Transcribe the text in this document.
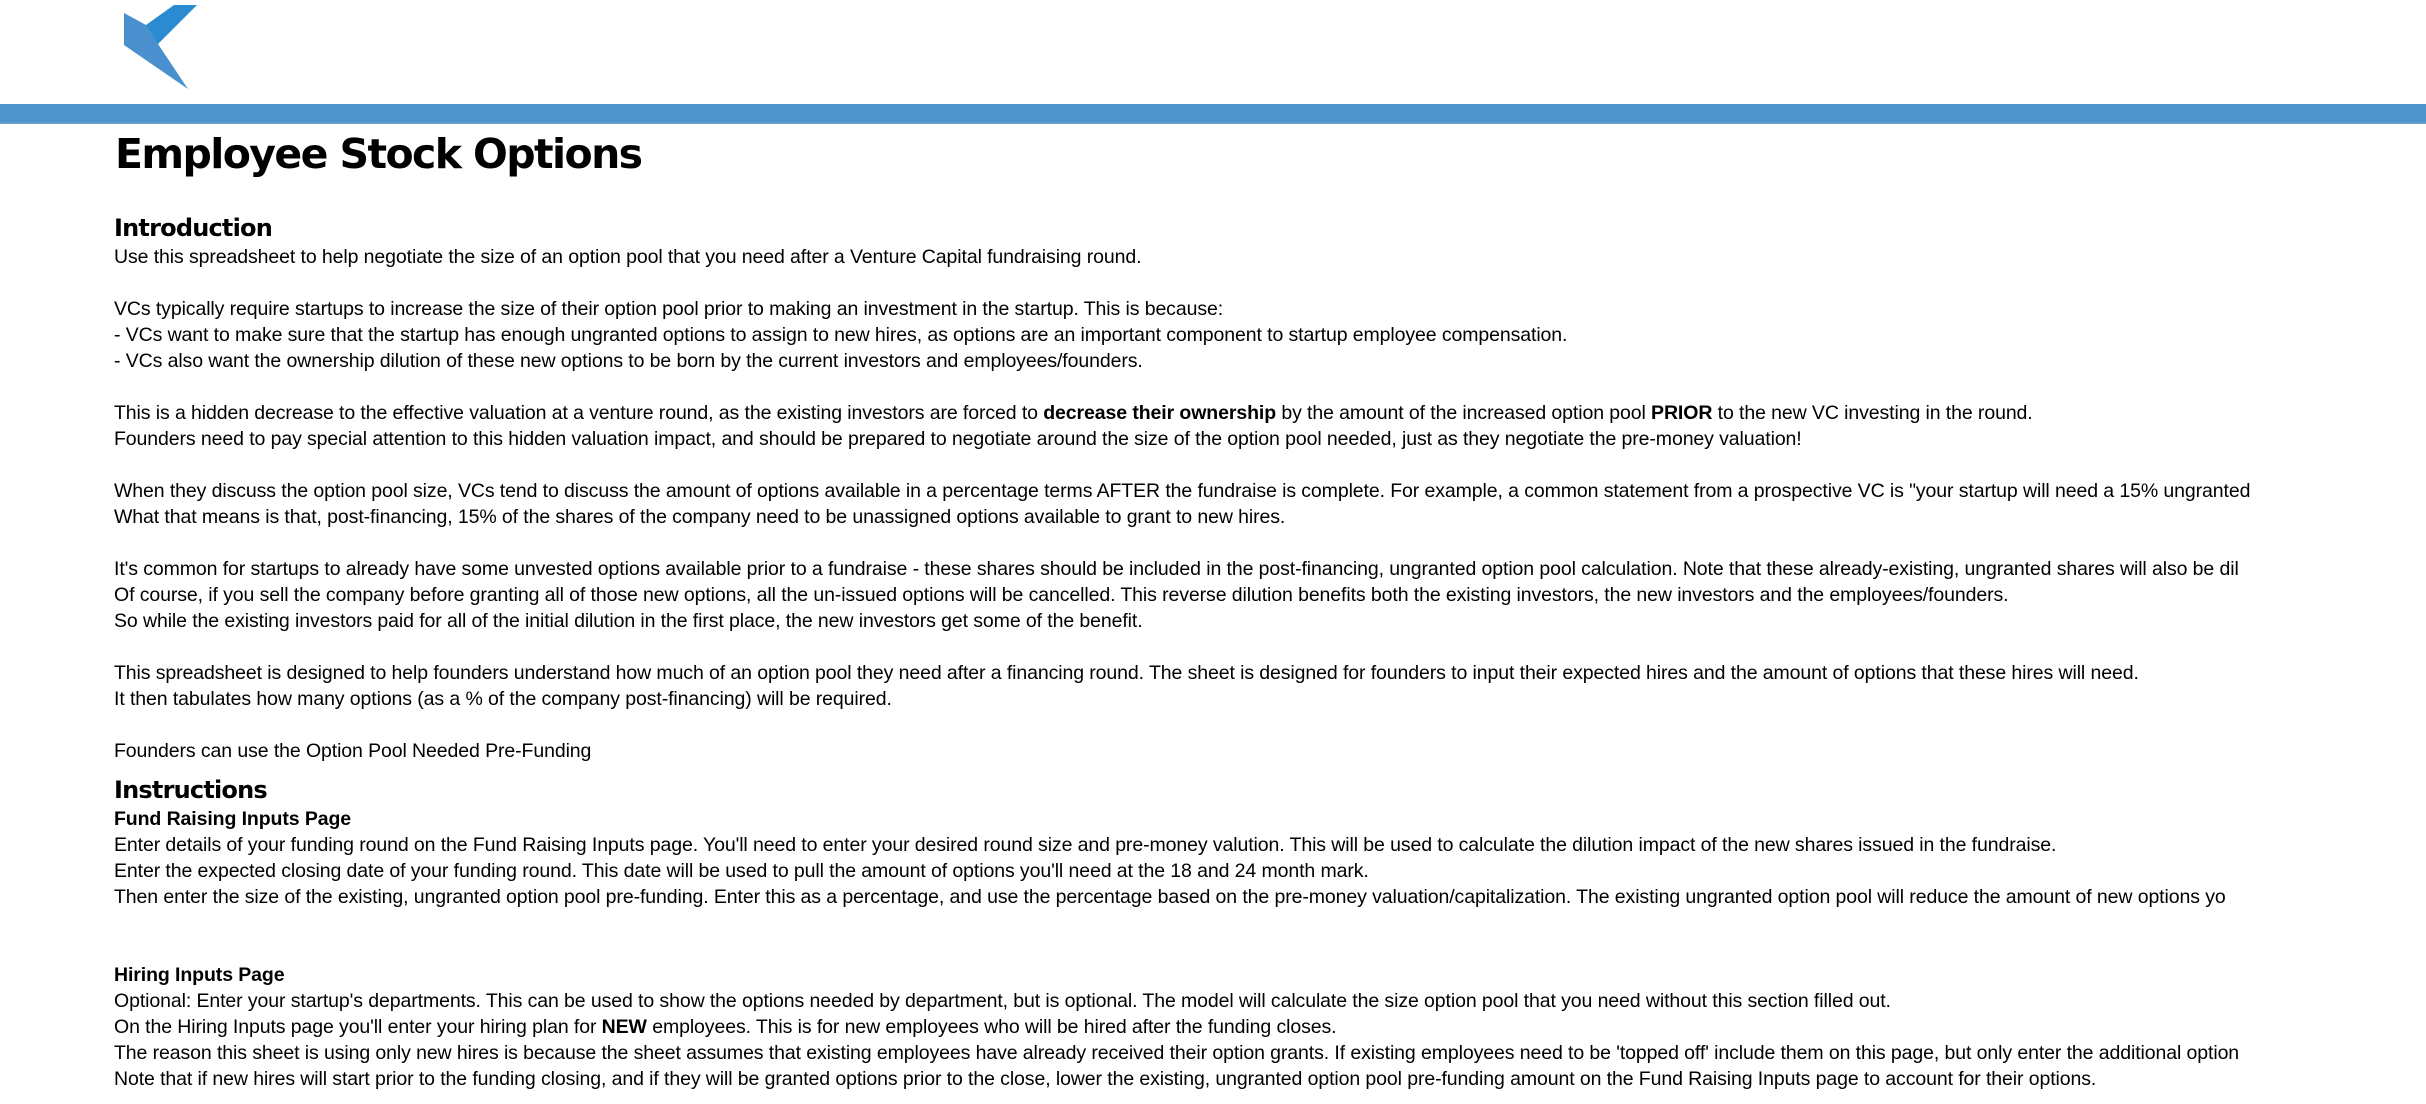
Employee Stock Options
Introduction
Use this spreadsheet to help negotiate the size of an option pool that you need after a Venture Capital fundraising round.
VCs typically require startups to increase the size of their option pool prior to making an investment in the startup. This is because:
- VCs want to make sure that the startup has enough ungranted options to assign to new hires, as options are an important component to startup employee compensation.
- VCs also want the ownership dilution of these new options to be born by the current investors and employees/founders.
This is a hidden decrease to the effective valuation at a venture round, as the existing investors are forced to decrease their ownership by the amount of the increased option pool PRIOR to the new VC investing in the round.
Founders need to pay special attention to this hidden valuation impact, and should be prepared to negotiate around the size of the option pool needed, just as they negotiate the pre-money valuation!
When they discuss the option pool size, VCs tend to discuss the amount of options available in a percentage terms AFTER the fundraise is complete. For example, a common statement from a prospective VC is "your startup will need a 15% ungranted
What that means is that, post-financing, 15% of the shares of the company need to be unassigned options available to grant to new hires.
It's common for startups to already have some unvested options available prior to a fundraise - these shares should be included in the post-financing, ungranted option pool calculation. Note that these already-existing, ungranted shares will also be dil
Of course, if you sell the company before granting all of those new options, all the un-issued options will be cancelled. This reverse dilution benefits both the existing investors, the new investors and the employees/founders.
So while the existing investors paid for all of the initial dilution in the first place, the new investors get some of the benefit.
This spreadsheet is designed to help founders understand how much of an option pool they need after a financing round. The sheet is designed for founders to input their expected hires and the amount of options that these hires will need.
It then tabulates how many options (as a % of the company post-financing) will be required.
Founders can use the Option Pool Needed Pre-Funding
Instructions
Fund Raising Inputs Page
Enter details of your funding round on the Fund Raising Inputs page. You'll need to enter your desired round size and pre-money valution. This will be used to calculate the dilution impact of the new shares issued in the fundraise.
Enter the expected closing date of your funding round. This date will be used to pull the amount of options you'll need at the 18 and 24 month mark.
Then enter the size of the existing, ungranted option pool pre-funding. Enter this as a percentage, and use the percentage based on the pre-money valuation/capitalization. The existing ungranted option pool will reduce the amount of new options yo
Hiring Inputs Page
Optional: Enter your startup's departments. This can be used to show the options needed by department, but is optional. The model will calculate the size option pool that you need without this section filled out.
On the Hiring Inputs page you'll enter your hiring plan for NEW employees. This is for new employees who will be hired after the funding closes.
The reason this sheet is using only new hires is because the sheet assumes that existing employees have already received their option grants. If existing employees need to be 'topped off' include them on this page, but only enter the additional option
Note that if new hires will start prior to the funding closing, and if they will be granted options prior to the close, lower the existing, ungranted option pool pre-funding amount on the Fund Raising Inputs page to account for their options.
